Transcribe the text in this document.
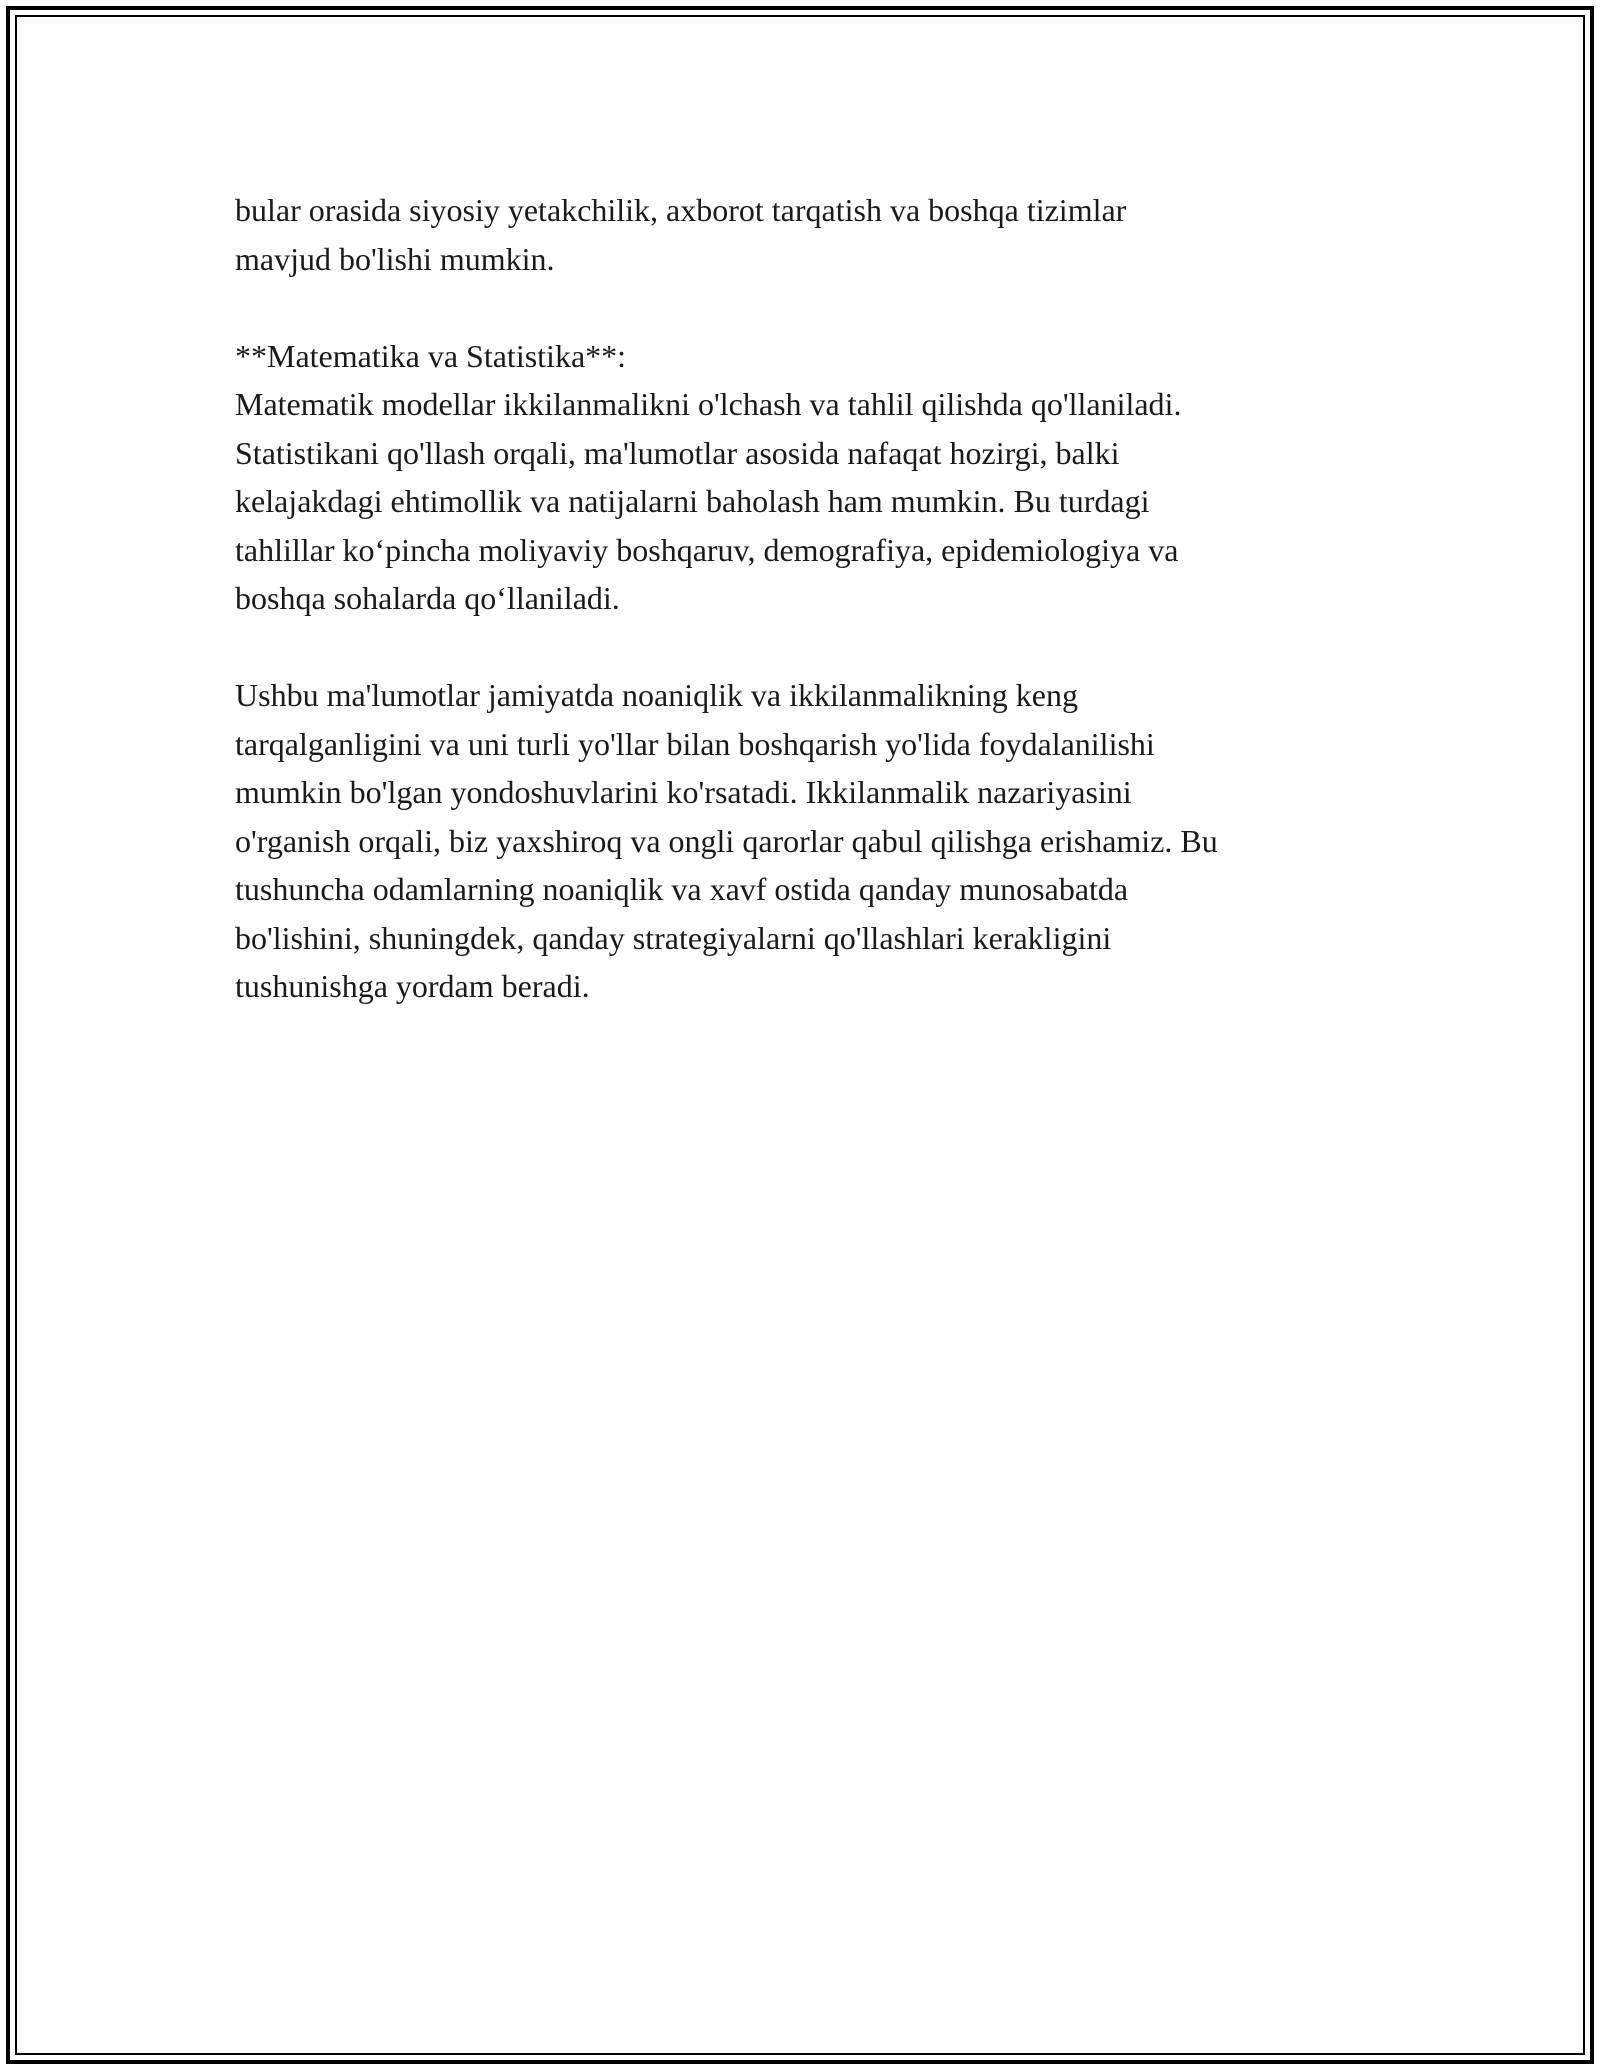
bular orasida siyosiy yetakchilik, axborot tarqatish va boshqa tizimlar
mavjud bo'lishi mumkin.
**Matematika va Statistika**:
Matematik modellar ikkilanmalikni o'lchash va tahlil qilishda qo'llaniladi.
Statistikani qo'llash orqali, ma'lumotlar asosida nafaqat hozirgi, balki
kelajakdagi ehtimollik va natijalarni baholash ham mumkin. Bu turdagi
tahlillar ko‘pincha moliyaviy boshqaruv, demografiya, epidemiologiya va
boshqa sohalarda qo‘llaniladi.
Ushbu ma'lumotlar jamiyatda noaniqlik va ikkilanmalikning keng
tarqalganligini va uni turli yo'llar bilan boshqarish yo'lida foydalanilishi
mumkin bo'lgan yondoshuvlarini ko'rsatadi. Ikkilanmalik nazariyasini
o'rganish orqali, biz yaxshiroq va ongli qarorlar qabul qilishga erishamiz. Bu
tushuncha odamlarning noaniqlik va xavf ostida qanday munosabatda
bo'lishini, shuningdek, qanday strategiyalarni qo'llashlari kerakligini
tushunishga yordam beradi.
